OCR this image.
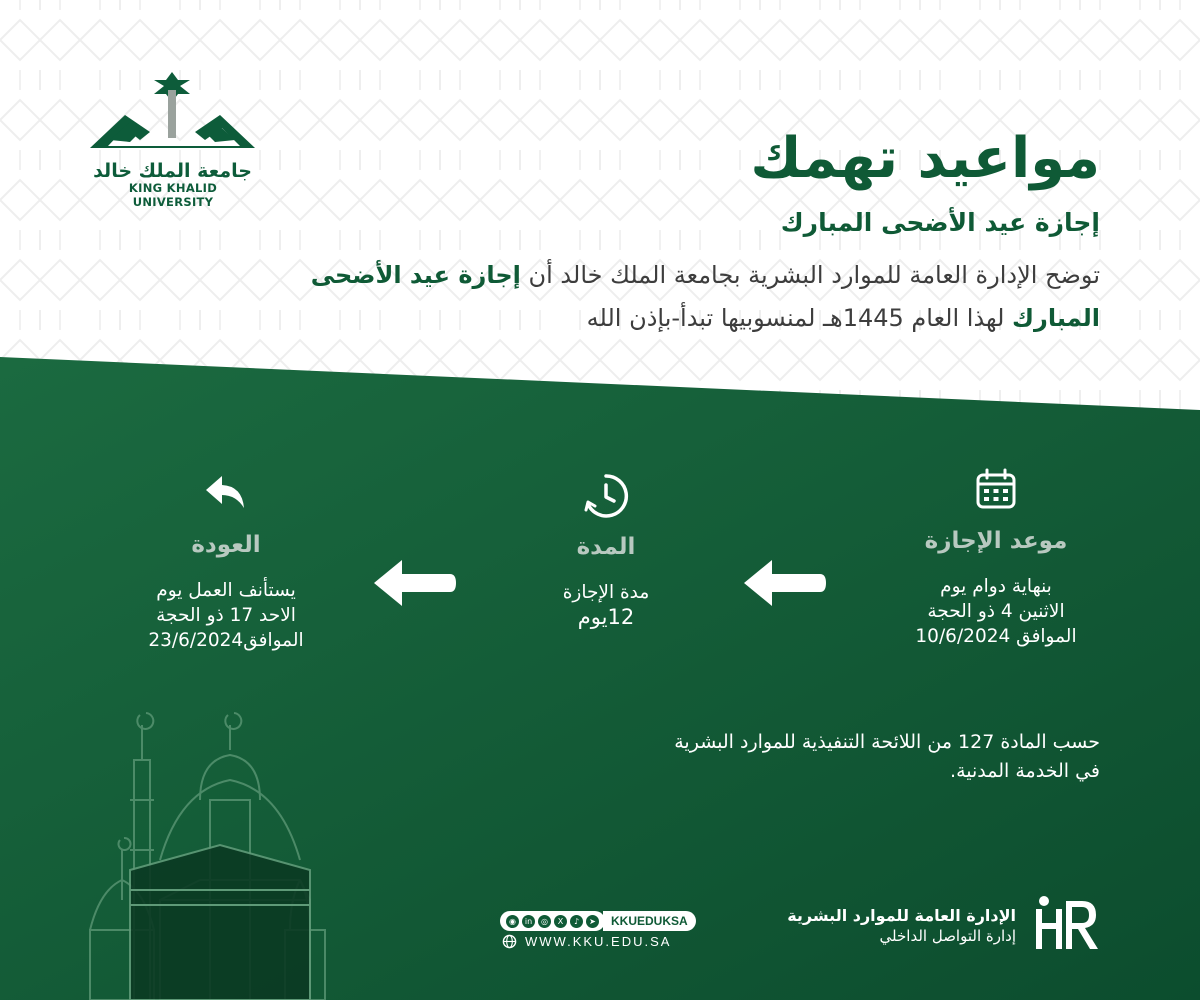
جامعة الملك خالد
KING KHALID UNIVERSITY
مواعيد تهمك
إجازة عيد الأضحى المبارك
توضح الإدارة العامة للموارد البشرية بجامعة الملك خالد أن إجازة عيد الأضحى المبارك لهذا العام 1445هـ لمنسوبيها تبدأ-بإذن الله
موعد الإجازة
بنهاية دوام يوم
الاثنين 4 ذو الحجة
الموافق 10/6/2024
المدة
مدة الإجازة
12يوم
العودة
يستأنف العمل يوم
الاحد 17 ذو الحجة
الموافق23/6/2024
حسب المادة 127 من اللائحة التنفيذية للموارد البشرية
في الخدمة المدنية.
◉	in	◎	X	♪	➤	KKUEDUKSA
WWW.KKU.EDU.SA
الإدارة العامة للموارد البشرية
إدارة التواصل الداخلي
